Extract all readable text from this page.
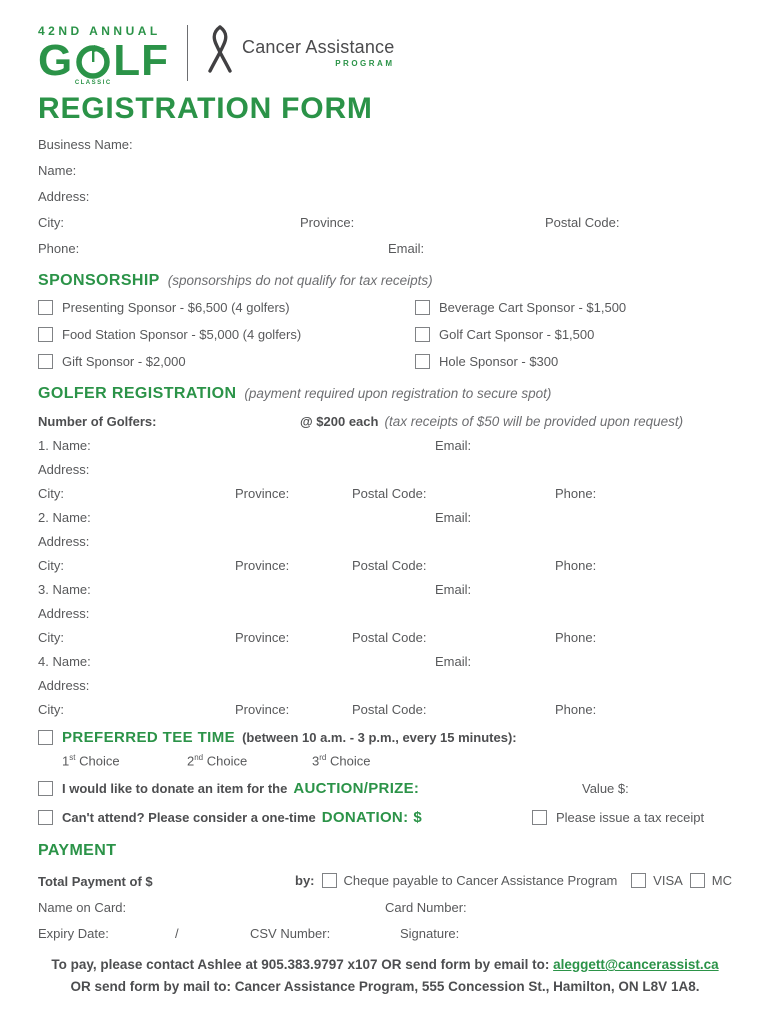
42ND ANNUAL
G CLASSIC LF	Cancer Assistance
PROGRAM
REGISTRATION FORM
Business Name:
Name:
Address:
City:	Province:	Postal Code:
Phone:	Email:
SPONSORSHIP (sponsorships do not qualify for tax receipts)
Presenting Sponsor - $6,500 (4 golfers)
Food Station Sponsor - $5,000 (4 golfers)
Gift Sponsor - $2,000
Beverage Cart Sponsor - $1,500
Golf Cart Sponsor - $1,500
Hole Sponsor - $300
GOLFER REGISTRATION (payment required upon registration to secure spot)
Number of Golfers:	@ $200 each (tax receipts of $50 will be provided upon request)
1. Name:	Email:
Address:
City:	Province:	Postal Code:	Phone:
2. Name:	Email:
Address:
City:	Province:	Postal Code:	Phone:
3. Name:	Email:
Address:
City:	Province:	Postal Code:	Phone:
4. Name:	Email:
Address:
City:	Province:	Postal Code:	Phone:
PREFERRED TEE TIME (between 10 a.m. - 3 p.m., every 15 minutes):
1st Choice	2nd Choice	3rd Choice
I would like to donate an item for the AUCTION/PRIZE:	Value $:
Can't attend? Please consider a one-time DONATION: $	Please issue a tax receipt
PAYMENT
Total Payment of $	by: Cheque payable to Cancer Assistance Program	VISA MC
Name on Card:	Card Number:
Expiry Date:	/	CSV Number:	Signature:
To pay, please contact Ashlee at 905.383.9797 x107 OR send form by email to: aleggett@cancerassist.ca
OR send form by mail to: Cancer Assistance Program, 555 Concession St., Hamilton, ON L8V 1A8.
